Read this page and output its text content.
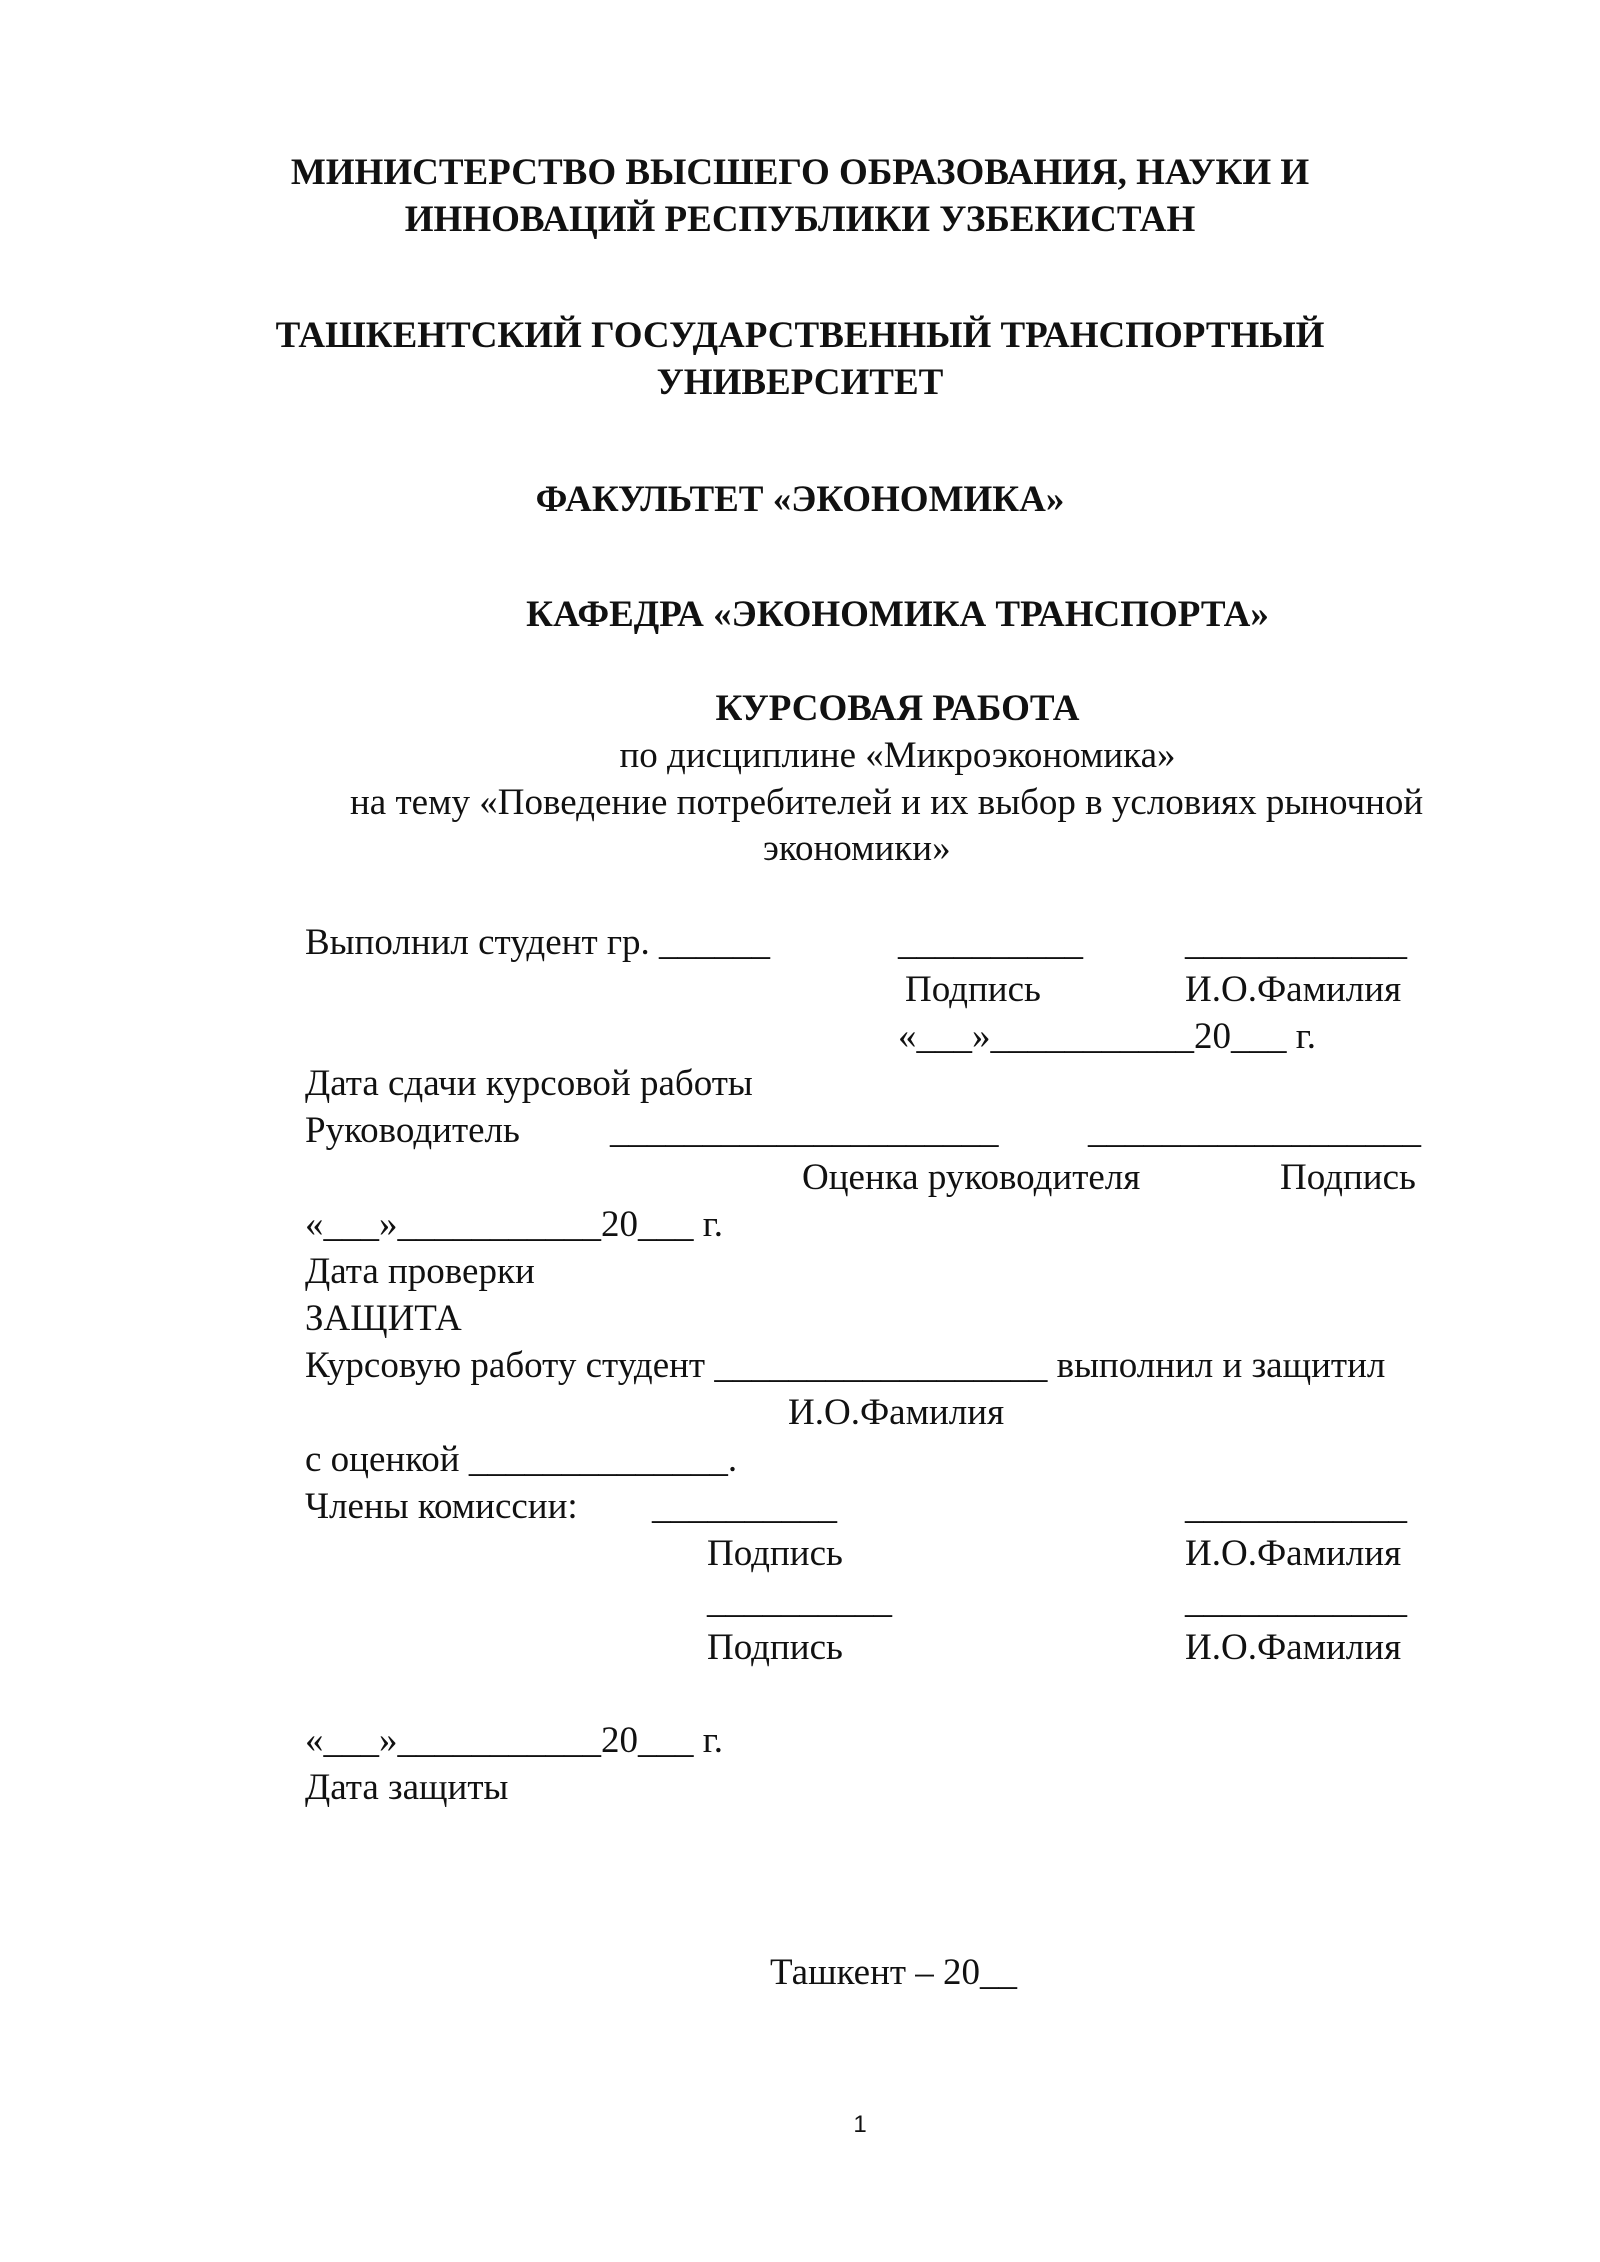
МИНИСТЕРСТВО ВЫСШЕГО ОБРАЗОВАНИЯ, НАУКИ И

ИННОВАЦИЙ РЕСПУБЛИКИ УЗБЕКИСТАН

ТАШКЕНТСКИЙ ГОСУДАРСТВЕННЫЙ ТРАНСПОРТНЫЙ

УНИВЕРСИТЕТ

ФАКУЛЬТЕТ «ЭКОНОМИКА»

КАФЕДРА «ЭКОНОМИКА ТРАНСПОРТА»

КУРСОВАЯ РАБОТА

по дисциплине «Микроэкономика»

на тему «Поведение потребителей и их выбор в условиях рыночной

экономики»

Выполнил студент гр. ______	__________	____________

Подпись	И.О.Фамилия

«___»___________20___ г.

Дата сдачи курсовой работы

Руководитель _____________________ __________________

Оценка руководителя	Подпись

«___»___________20___ г.

Дата проверки

ЗАЩИТА

Курсовую работу студент __________________ выполнил и защитил

И.О.Фамилия

с оценкой ______________.

Члены комиссии: __________	____________

Подпись	И.О.Фамилия

__________	____________

Подпись	И.О.Фамилия

«___»___________20___ г.

Дата защиты

Ташкент – 20__

1
